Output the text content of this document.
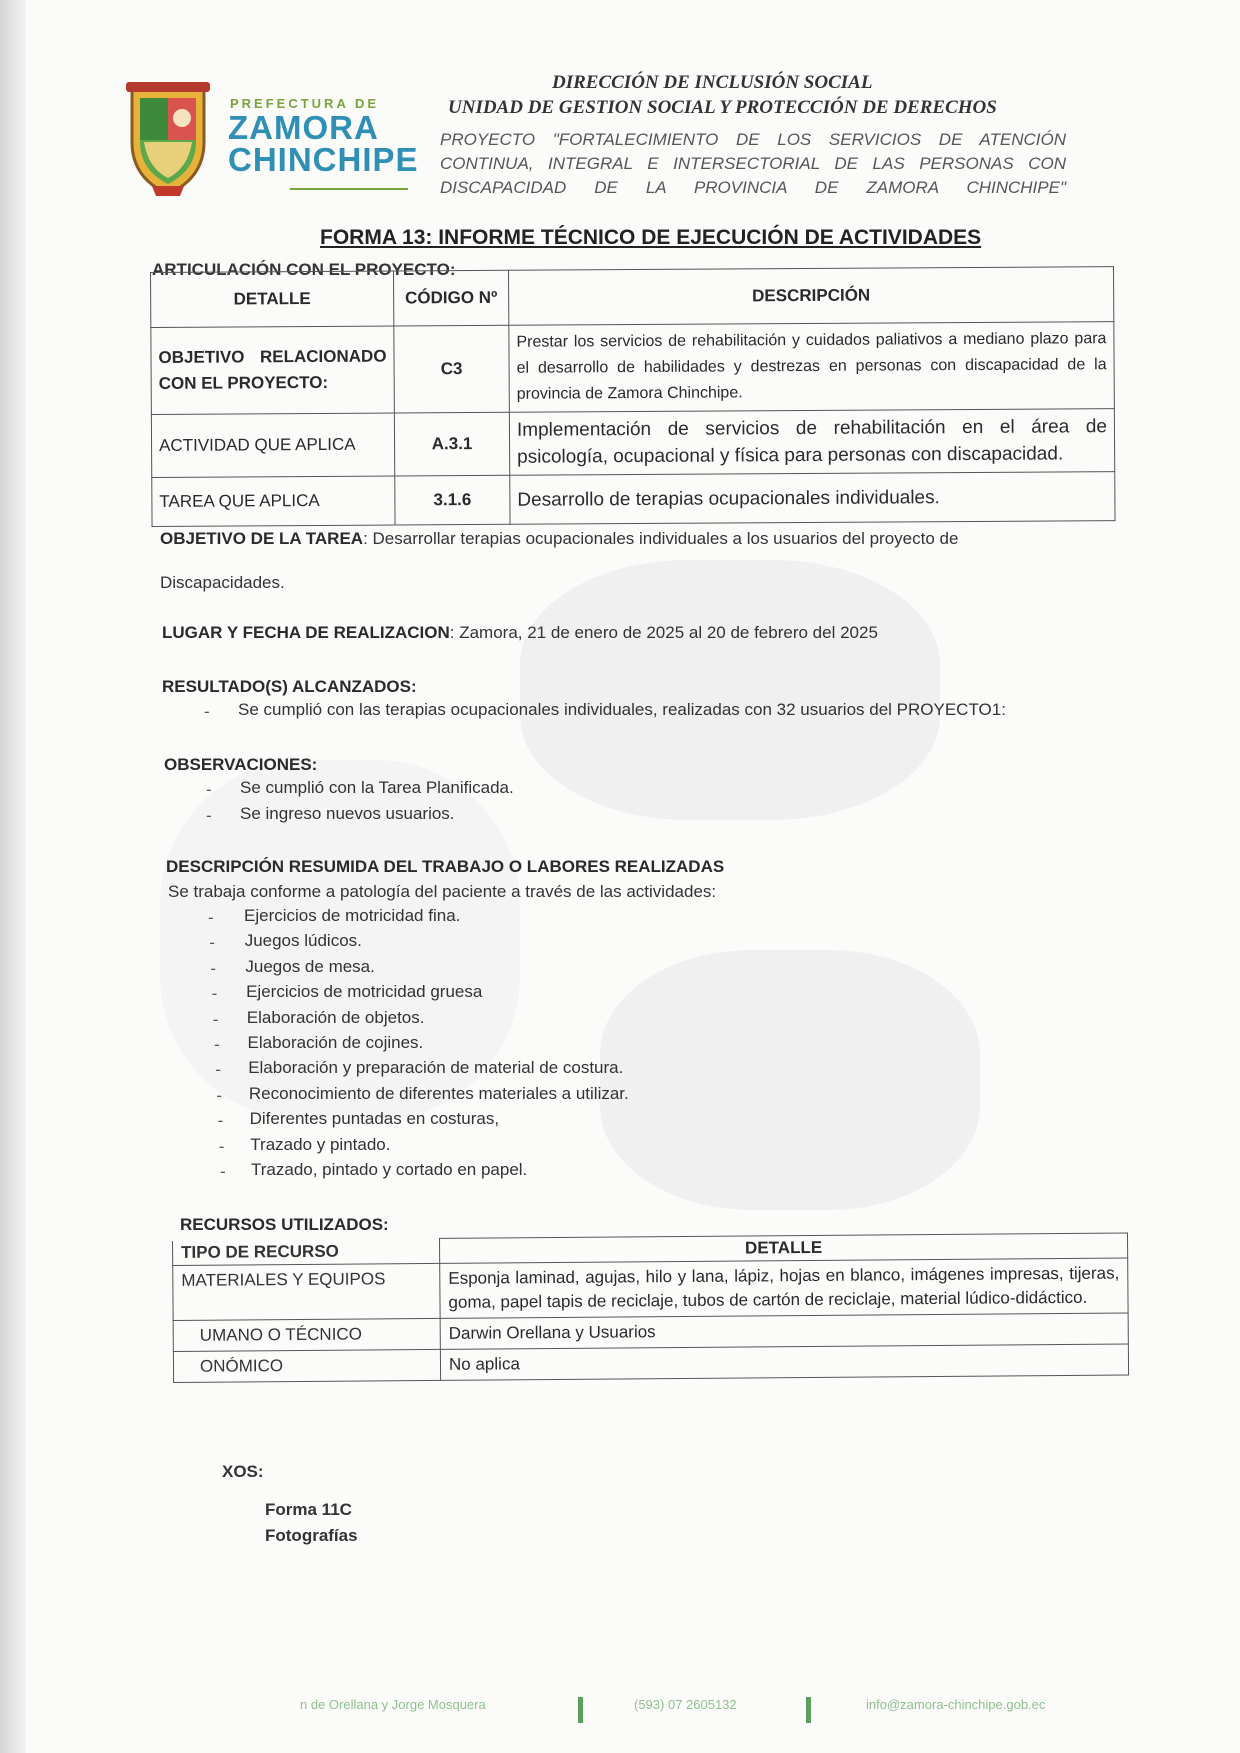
PREFECTURA DE
ZAMORA
CHINCHIPE
DIRECCIÓN DE INCLUSIÓN SOCIAL
UNIDAD DE GESTION SOCIAL Y PROTECCIÓN DE DERECHOS
PROYECTO "FORTALECIMIENTO DE LOS SERVICIOS DE ATENCIÓN
CONTINUA, INTEGRAL E INTERSECTORIAL DE LAS PERSONAS CON
DISCAPACIDAD DE LA PROVINCIA DE ZAMORA CHINCHIPE"
FORMA 13: INFORME TÉCNICO DE EJECUCIÓN DE ACTIVIDADES
ARTICULACIÓN CON EL PROYECTO:
DETALLE	CÓDIGO Nº	DESCRIPCIÓN
OBJETIVO RELACIONADO CON EL PROYECTO:	C3	Prestar los servicios de rehabilitación y cuidados paliativos a mediano plazo para el desarrollo de habilidades y destrezas en personas con discapacidad de la provincia de Zamora Chinchipe.
ACTIVIDAD QUE APLICA	A.3.1	Implementación de servicios de rehabilitación en el área de psicología, ocupacional y física para personas con discapacidad.
TAREA QUE APLICA	3.1.6	Desarrollo de terapias ocupacionales individuales.
OBJETIVO DE LA TAREA: Desarrollar terapias ocupacionales individuales a los usuarios del proyecto de
Discapacidades.
LUGAR Y FECHA DE REALIZACION: Zamora, 21 de enero de 2025 al 20 de febrero del 2025
RESULTADO(S) ALCANZADOS:
- Se cumplió con las terapias ocupacionales individuales, realizadas con 32 usuarios del PROYECTO1:
OBSERVACIONES:
- Se cumplió con la Tarea Planificada.
- Se ingreso nuevos usuarios.
DESCRIPCIÓN RESUMIDA DEL TRABAJO O LABORES REALIZADAS
Se trabaja conforme a patología del paciente a través de las actividades:
- Ejercicios de motricidad fina.
- Juegos lúdicos.
- Juegos de mesa.
- Ejercicios de motricidad gruesa
- Elaboración de objetos.
- Elaboración de cojines.
- Elaboración y preparación de material de costura.
- Reconocimiento de diferentes materiales a utilizar.
- Diferentes puntadas en costuras,
- Trazado y pintado.
- Trazado, pintado y cortado en papel.
RECURSOS UTILIZADOS:
TIPO DE RECURSO	DETALLE
MATERIALES Y EQUIPOS	Esponja laminad, agujas, hilo y lana, lápiz, hojas en blanco, imágenes impresas, tijeras, goma, papel tapis de reciclaje, tubos de cartón de reciclaje, material lúdico-didáctico.
UMANO O TÉCNICO	Darwin Orellana y Usuarios
ONÓMICO	No aplica
XOS:
Forma 11C
Fotografías
n de Orellana y Jorge Mosquera	(593) 07 2605132	info@zamora-chinchipe.gob.ec
